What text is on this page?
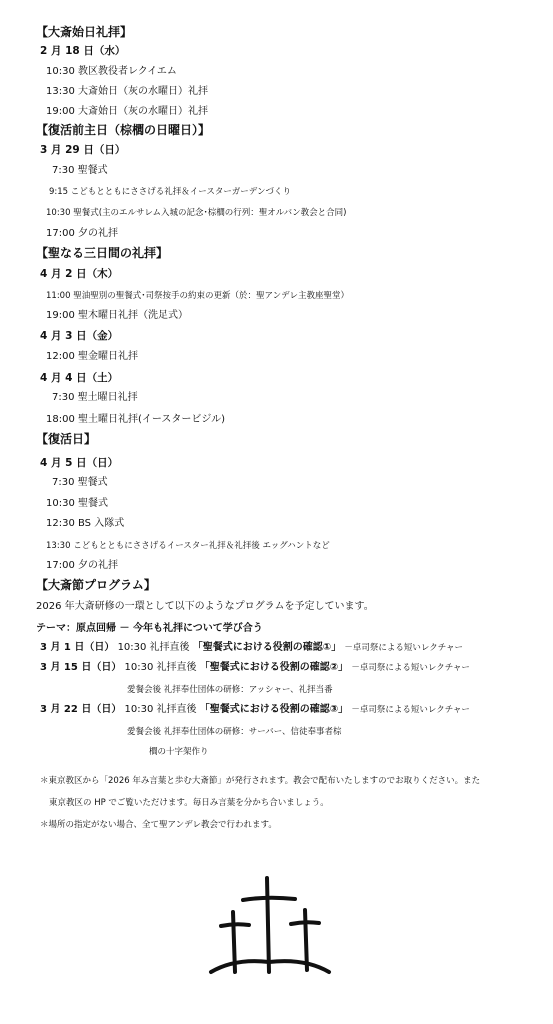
【大斎始日礼拝】
2 月 18 日（水）
10:30 教区教役者レクイエム
13:30 大斎始日（灰の水曜日）礼拝
19:00 大斎始日（灰の水曜日）礼拝
【復活前主日（棕櫚の日曜日）】
3 月 29 日（日）
7:30 聖餐式
9:15 こどもとともにささげる礼拝＆イースターガーデンづくり
10:30 聖餐式(主のエルサレム入城の記念･棕櫚の行列：聖オルバン教会と合同)
17:00 夕の礼拝
【聖なる三日間の礼拝】
4 月 2 日（木）
11:00 聖油聖別の聖餐式･司祭按手の約束の更新（於：聖アンデレ主教座聖堂）
19:00 聖木曜日礼拝（洗足式）
4 月 3 日（金）
12:00 聖金曜日礼拝
4 月 4 日（土）
7:30 聖土曜日礼拝
18:00 聖土曜日礼拝(イースタービジル)
【復活日】
4 月 5 日（日）
7:30 聖餐式
10:30 聖餐式
12:30 BS 入隊式
13:30 こどもとともにささげるイースター礼拝＆礼拝後 エッグハントなど
17:00 夕の礼拝
【大斎節プログラム】
2026 年大斎研修の一環として以下のようなプログラムを予定しています。
テーマ：原点回帰 － 今年も礼拝について学び合う
3 月 1 日（日） 10:30 礼拝直後 「聖餐式における役割の確認①」 －卓司祭による短いレクチャー
3 月 15 日（日） 10:30 礼拝直後 「聖餐式における役割の確認②」 －卓司祭による短いレクチャー
愛餐会後 礼拝奉仕団体の研修：アッシャー、礼拝当番
3 月 22 日（日） 10:30 礼拝直後 「聖餐式における役割の確認③」 －卓司祭による短いレクチャー
愛餐会後 礼拝奉仕団体の研修：サーバー、信徒奉事者棕
櫚の十字架作り
＊東京教区から「2026 年み言葉と歩む大斎節」が発行されます。教会で配布いたしますのでお取りください。また
東京教区の HP でご覧いただけます。毎日み言葉を分かち合いましょう。
＊場所の指定がない場合、全て聖アンデレ教会で行われます。
